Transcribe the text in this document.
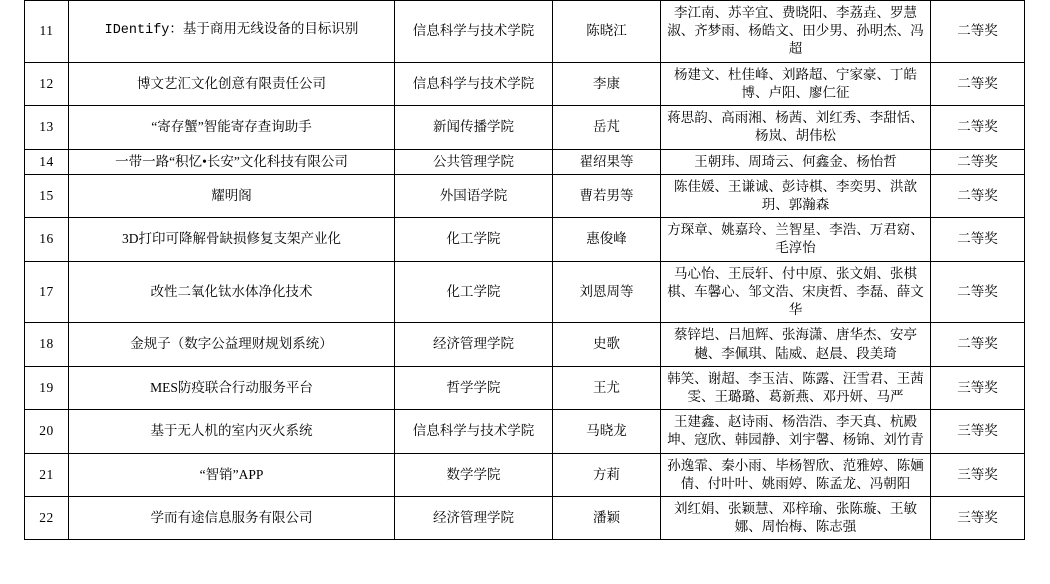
11	IDentify：基于商用无线设备的目标识别	信息科学与技术学院	陈晓江	李江南、苏辛宜、费晓阳、李荔垚、罗慧淑、齐梦雨、杨皓文、田少男、孙明杰、冯超	二等奖
12	博文艺汇文化创意有限责任公司	信息科学与技术学院	李康	杨建文、杜佳峰、刘路超、宁家豪、丁皓博、卢阳、廖仁征	二等奖
13	“寄存蟹”智能寄存查询助手	新闻传播学院	岳芃	蒋思韵、高雨湘、杨茜、刘红秀、李甜恬、杨岚、胡伟松	二等奖
14	一带一路“积忆•长安”文化科技有限公司	公共管理学院	翟绍果等	王朝玮、周琦云、何鑫金、杨怡哲	二等奖
15	耀明阁	外国语学院	曹若男等	陈佳媛、王谦诚、彭诗棋、李奕男、洪歆玥、郭瀚森	二等奖
16	3D打印可降解骨缺损修复支架产业化	化工学院	惠俊峰	方琛章、姚嘉玲、兰智星、李浩、万君窈、毛淳怡	二等奖
17	改性二氧化钛水体净化技术	化工学院	刘恩周等	马心怡、王辰轩、付中原、张文娟、张棋棋、车馨心、邹文浩、宋庚哲、李磊、薛文华	二等奖
18	金规子（数字公益理财规划系统）	经济管理学院	史歌	蔡锌垲、吕旭辉、张海潇、唐华杰、安亭樾、李佩琪、陆威、赵晨、段美琦	二等奖
19	MES防疫联合行动服务平台	哲学学院	王尤	韩笑、谢超、李玉洁、陈露、汪雪君、王茜雯、王璐璐、葛新燕、邓丹妍、马严	三等奖
20	基于无人机的室内灭火系统	信息科学与技术学院	马晓龙	王建鑫、赵诗雨、杨浩浩、李天真、杭殿坤、寇欣、韩园静、刘宇馨、杨锦、刘竹青	三等奖
21	“智销”APP	数学学院	方莉	孙逸霏、秦小雨、毕杨智欣、范雅婷、陈婳倩、付叶叶、姚雨婷、陈孟龙、冯朝阳	三等奖
22	学而有途信息服务有限公司	经济管理学院	潘颖	刘红娟、张颖慧、邓梓瑜、张陈璇、王敏娜、周怡梅、陈志强	三等奖
